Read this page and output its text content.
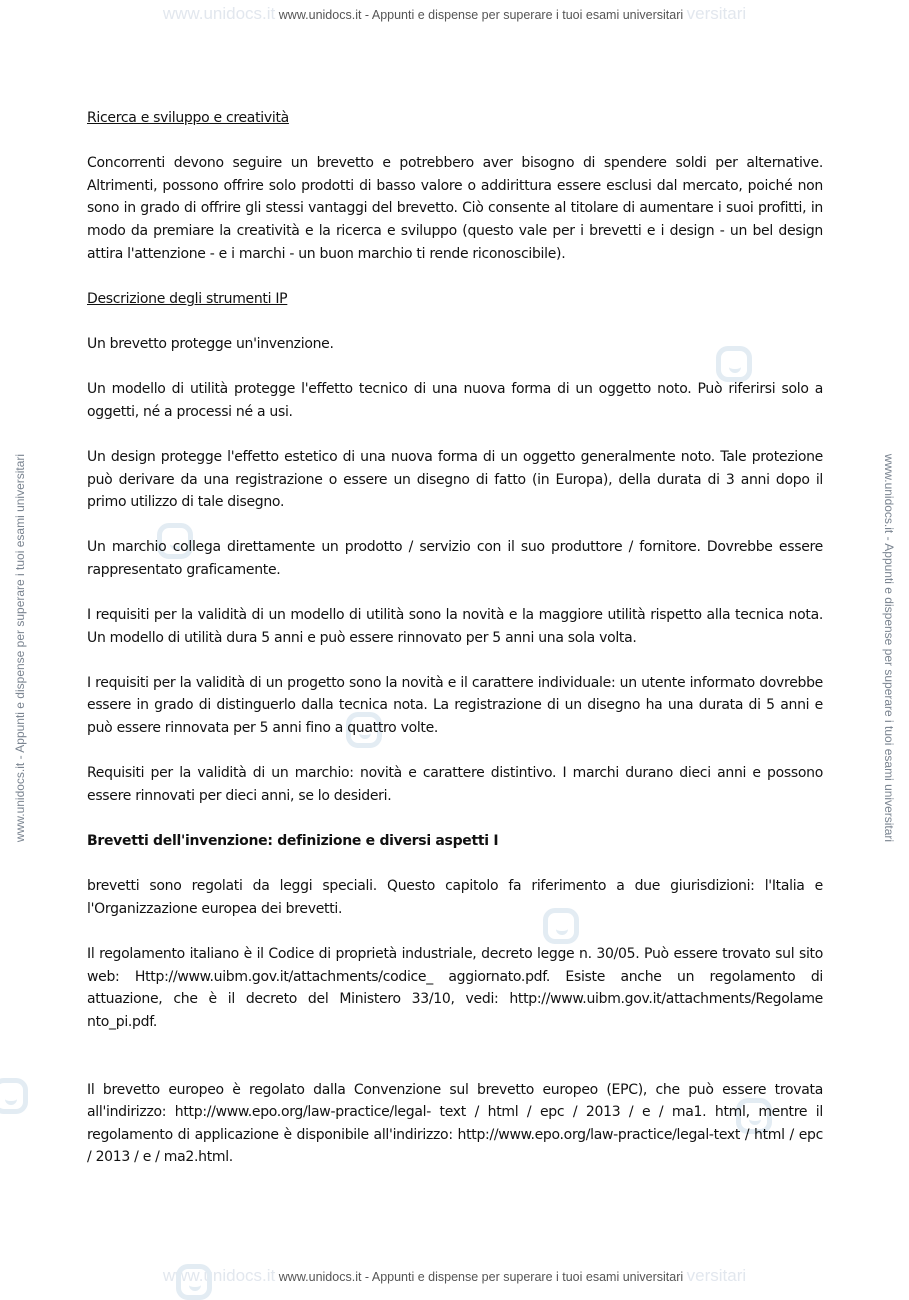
www.unidocs.it www.unidocs.it - Appunti e dispense per superare i tuoi esami universitari versitari
www.unidocs.it www.unidocs.it - Appunti e dispense per superare i tuoi esami universitari versitari
www.unidocs.it - Appunti e dispense per superare i tuoi esami universitari	www.unidocs.it - Appunti e dispense per superare i tuoi esami universitari

Ricerca e sviluppo e creatività

Concorrenti devono seguire un brevetto e potrebbero aver bisogno di spendere soldi per alternative. Altrimenti, possono offrire solo prodotti di basso valore o addirittura essere esclusi dal mercato, poiché non sono in grado di offrire gli stessi vantaggi del brevetto. Ciò consente al titolare di aumentare i suoi profitti, in modo da premiare la creatività e la ricerca e sviluppo (questo vale per i brevetti e i design - un bel design attira l'attenzione - e i marchi - un buon marchio ti rende riconoscibile).

Descrizione degli strumenti IP

Un brevetto protegge un'invenzione.

Un modello di utilità protegge l'effetto tecnico di una nuova forma di un oggetto noto. Può riferirsi solo a oggetti, né a processi né a usi.

Un design protegge l'effetto estetico di una nuova forma di un oggetto generalmente noto. Tale protezione può derivare da una registrazione o essere un disegno di fatto (in Europa), della durata di 3 anni dopo il primo utilizzo di tale disegno.

Un marchio collega direttamente un prodotto / servizio con il suo produttore / fornitore. Dovrebbe essere rappresentato graficamente.

I requisiti per la validità di un modello di utilità sono la novità e la maggiore utilità rispetto alla tecnica nota. Un modello di utilità dura 5 anni e può essere rinnovato per 5 anni una sola volta.

I requisiti per la validità di un progetto sono la novità e il carattere individuale: un utente informato dovrebbe essere in grado di distinguerlo dalla tecnica nota. La registrazione di un disegno ha una durata di 5 anni e può essere rinnovata per 5 anni fino a quattro volte.

Requisiti per la validità di un marchio: novità e carattere distintivo. I marchi durano dieci anni e possono essere rinnovati per dieci anni, se lo desideri.

Brevetti dell'invenzione: definizione e diversi aspetti I

brevetti sono regolati da leggi speciali. Questo capitolo fa riferimento a due giurisdizioni: l'Italia e l'Organizzazione europea dei brevetti.

Il regolamento italiano è il Codice di proprietà industriale, decreto legge n. 30/05. Può essere trovato sul sito web: Http://www.uibm.gov.it/attachments/codice_ aggiornato.pdf. Esiste anche un regolamento di attuazione, che è il decreto del Ministero 33/10, vedi: http://www.uibm.gov.it/attachments/Regolame nto_pi.pdf.

Il brevetto europeo è regolato dalla Convenzione sul brevetto europeo (EPC), che può essere trovata all'indirizzo: http://www.epo.org/law-practice/legal- text / html / epc / 2013 / e / ma1. html, mentre il regolamento di applicazione è disponibile all'indirizzo: http://www.epo.org/law-practice/legal-text / html / epc / 2013 / e / ma2.html.
